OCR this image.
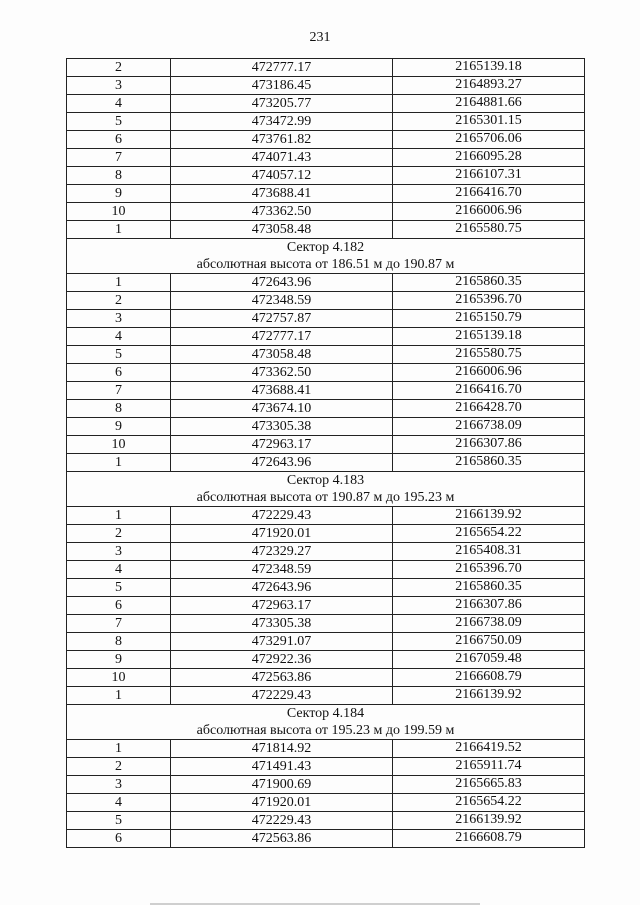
231
2	472777.17	2165139.18
3	473186.45	2164893.27
4	473205.77	2164881.66
5	473472.99	2165301.15
6	473761.82	2165706.06
7	474071.43	2166095.28
8	474057.12	2166107.31
9	473688.41	2166416.70
10	473362.50	2166006.96
1	473058.48	2165580.75
Сектор 4.182		
абсолютная высота от 186.51 м до 190.87 м		
1	472643.96	2165860.35
2	472348.59	2165396.70
3	472757.87	2165150.79
4	472777.17	2165139.18
5	473058.48	2165580.75
6	473362.50	2166006.96
7	473688.41	2166416.70
8	473674.10	2166428.70
9	473305.38	2166738.09
10	472963.17	2166307.86
1	472643.96	2165860.35
Сектор 4.183		
абсолютная высота от 190.87 м до 195.23 м		
1	472229.43	2166139.92
2	471920.01	2165654.22
3	472329.27	2165408.31
4	472348.59	2165396.70
5	472643.96	2165860.35
6	472963.17	2166307.86
7	473305.38	2166738.09
8	473291.07	2166750.09
9	472922.36	2167059.48
10	472563.86	2166608.79
1	472229.43	2166139.92
Сектор 4.184		
абсолютная высота от 195.23 м до 199.59 м		
1	471814.92	2166419.52
2	471491.43	2165911.74
3	471900.69	2165665.83
4	471920.01	2165654.22
5	472229.43	2166139.92
6	472563.86	2166608.79
